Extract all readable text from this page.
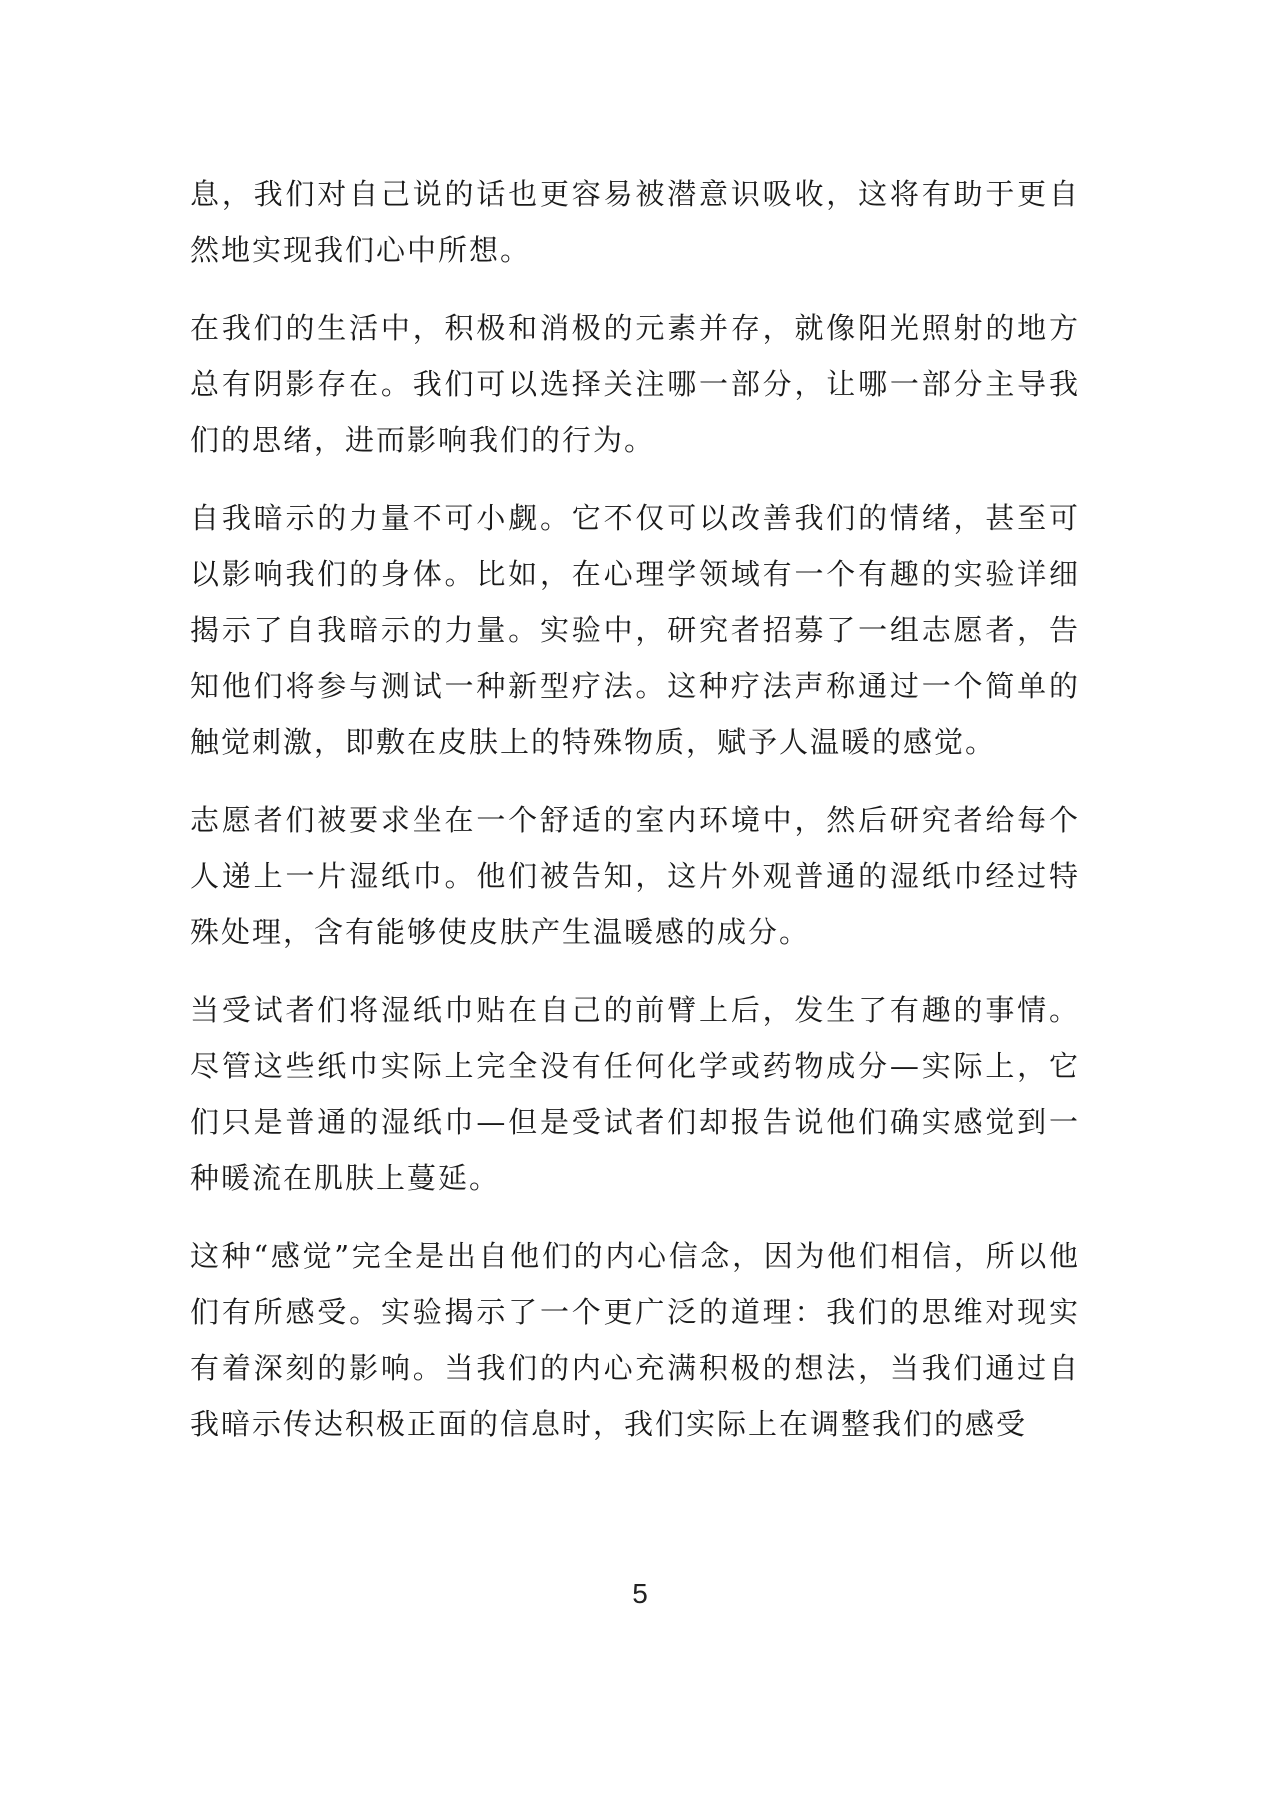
息，我们对自己说的话也更容易被潜意识吸收，这将有助于更自然地实现我们心中所想。

在我们的生活中，积极和消极的元素并存，就像阳光照射的地方总有阴影存在。我们可以选择关注哪一部分，让哪一部分主导我们的思绪，进而影响我们的行为。

自我暗示的力量不可小觑。它不仅可以改善我们的情绪，甚至可以影响我们的身体。比如，在心理学领域有一个有趣的实验详细揭示了自我暗示的力量。实验中，研究者招募了一组志愿者，告知他们将参与测试一种新型疗法。这种疗法声称通过一个简单的触觉刺激，即敷在皮肤上的特殊物质，赋予人温暖的感觉。

志愿者们被要求坐在一个舒适的室内环境中，然后研究者给每个人递上一片湿纸巾。他们被告知，这片外观普通的湿纸巾经过特殊处理，含有能够使皮肤产生温暖感的成分。

当受试者们将湿纸巾贴在自己的前臂上后，发生了有趣的事情。尽管这些纸巾实际上完全没有任何化学或药物成分—实际上，它们只是普通的湿纸巾—但是受试者们却报告说他们确实感觉到一种暖流在肌肤上蔓延。

这种“感觉”完全是出自他们的内心信念，因为他们相信，所以他们有所感受。实验揭示了一个更广泛的道理：我们的思维对现实有着深刻的影响。当我们的内心充满积极的想法，当我们通过自我暗示传达积极正面的信息时，我们实际上在调整我们的感受

5
